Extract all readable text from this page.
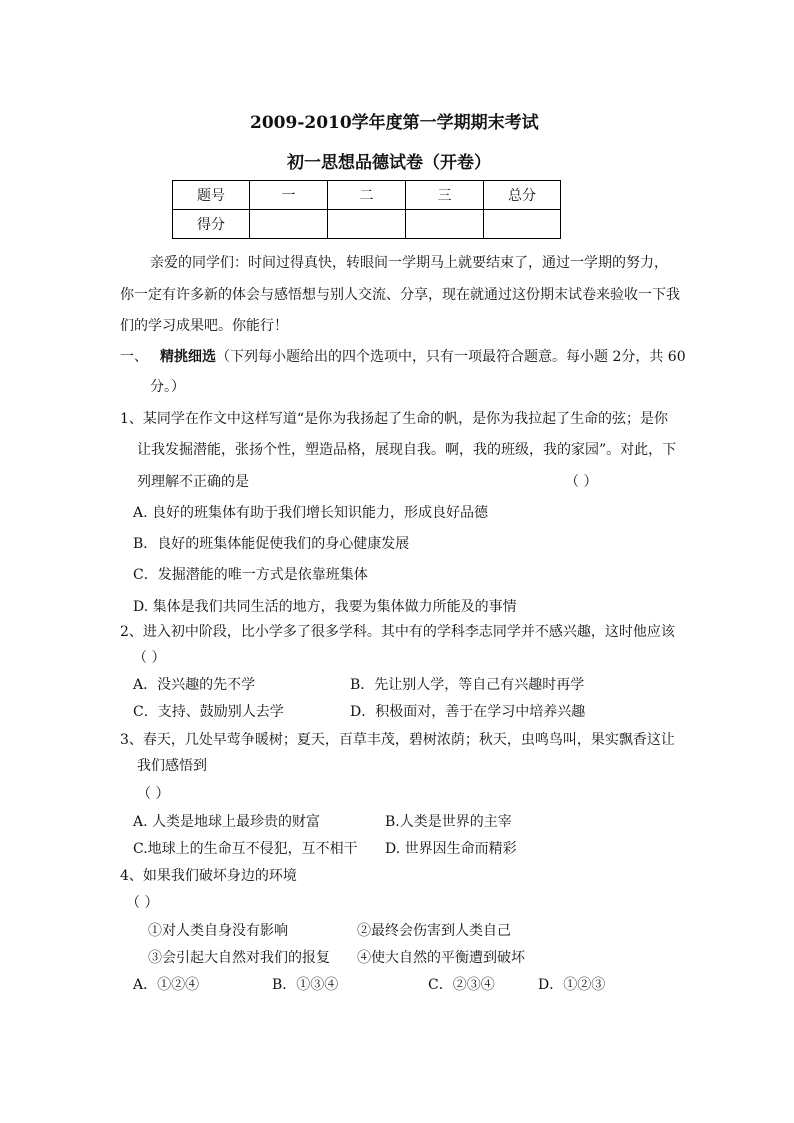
2009-2010学年度第一学期期末考试
初一思想品德试卷（开卷）
题号	一	二	三	总分
得分				
亲爱的同学们：时间过得真快，转眼间一学期马上就要结束了，通过一学期的努力，
你一定有许多新的体会与感悟想与别人交流、分享，现在就通过这份期末试卷来验收一下我
们的学习成果吧。你能行！
一、 精挑细选（下列每小题给出的四个选项中，只有一项最符合题意。每小题 2分，共 60
分。）
1、某同学在作文中这样写道“是你为我扬起了生命的帆，是你为我拉起了生命的弦；是你
让我发掘潜能，张扬个性，塑造品格，展现自我。啊，我的班级，我的家园”。对此，下
列理解不正确的是	（ ）
A. 良好的班集体有助于我们增长知识能力，形成良好品德
B．良好的班集体能促使我们的身心健康发展
C．发掘潜能的唯一方式是依靠班集体
D. 集体是我们共同生活的地方，我要为集体做力所能及的事情
2、进入初中阶段，比小学多了很多学科。其中有的学科李志同学并不感兴趣，这时他应该
（ ）
A．没兴趣的先不学	B．先让别人学，等自己有兴趣时再学
C．支持、鼓励别人去学	D．积极面对，善于在学习中培养兴趣
3、春天，几处早莺争暖树；夏天，百草丰茂，碧树浓荫；秋天，虫鸣鸟叫，果实飘香这让
我们感悟到
（ ）
A. 人类是地球上最珍贵的财富	B.人类是世界的主宰
C.地球上的生命互不侵犯，互不相干 D. 世界因生命而精彩
4、如果我们破坏身边的环境
（ ）
①对人类自身没有影响	②最终会伤害到人类自己
③会引起大自然对我们的报复 ④使大自然的平衡遭到破坏
A．①②④	B．①③④	C．②③④	D．①②③
